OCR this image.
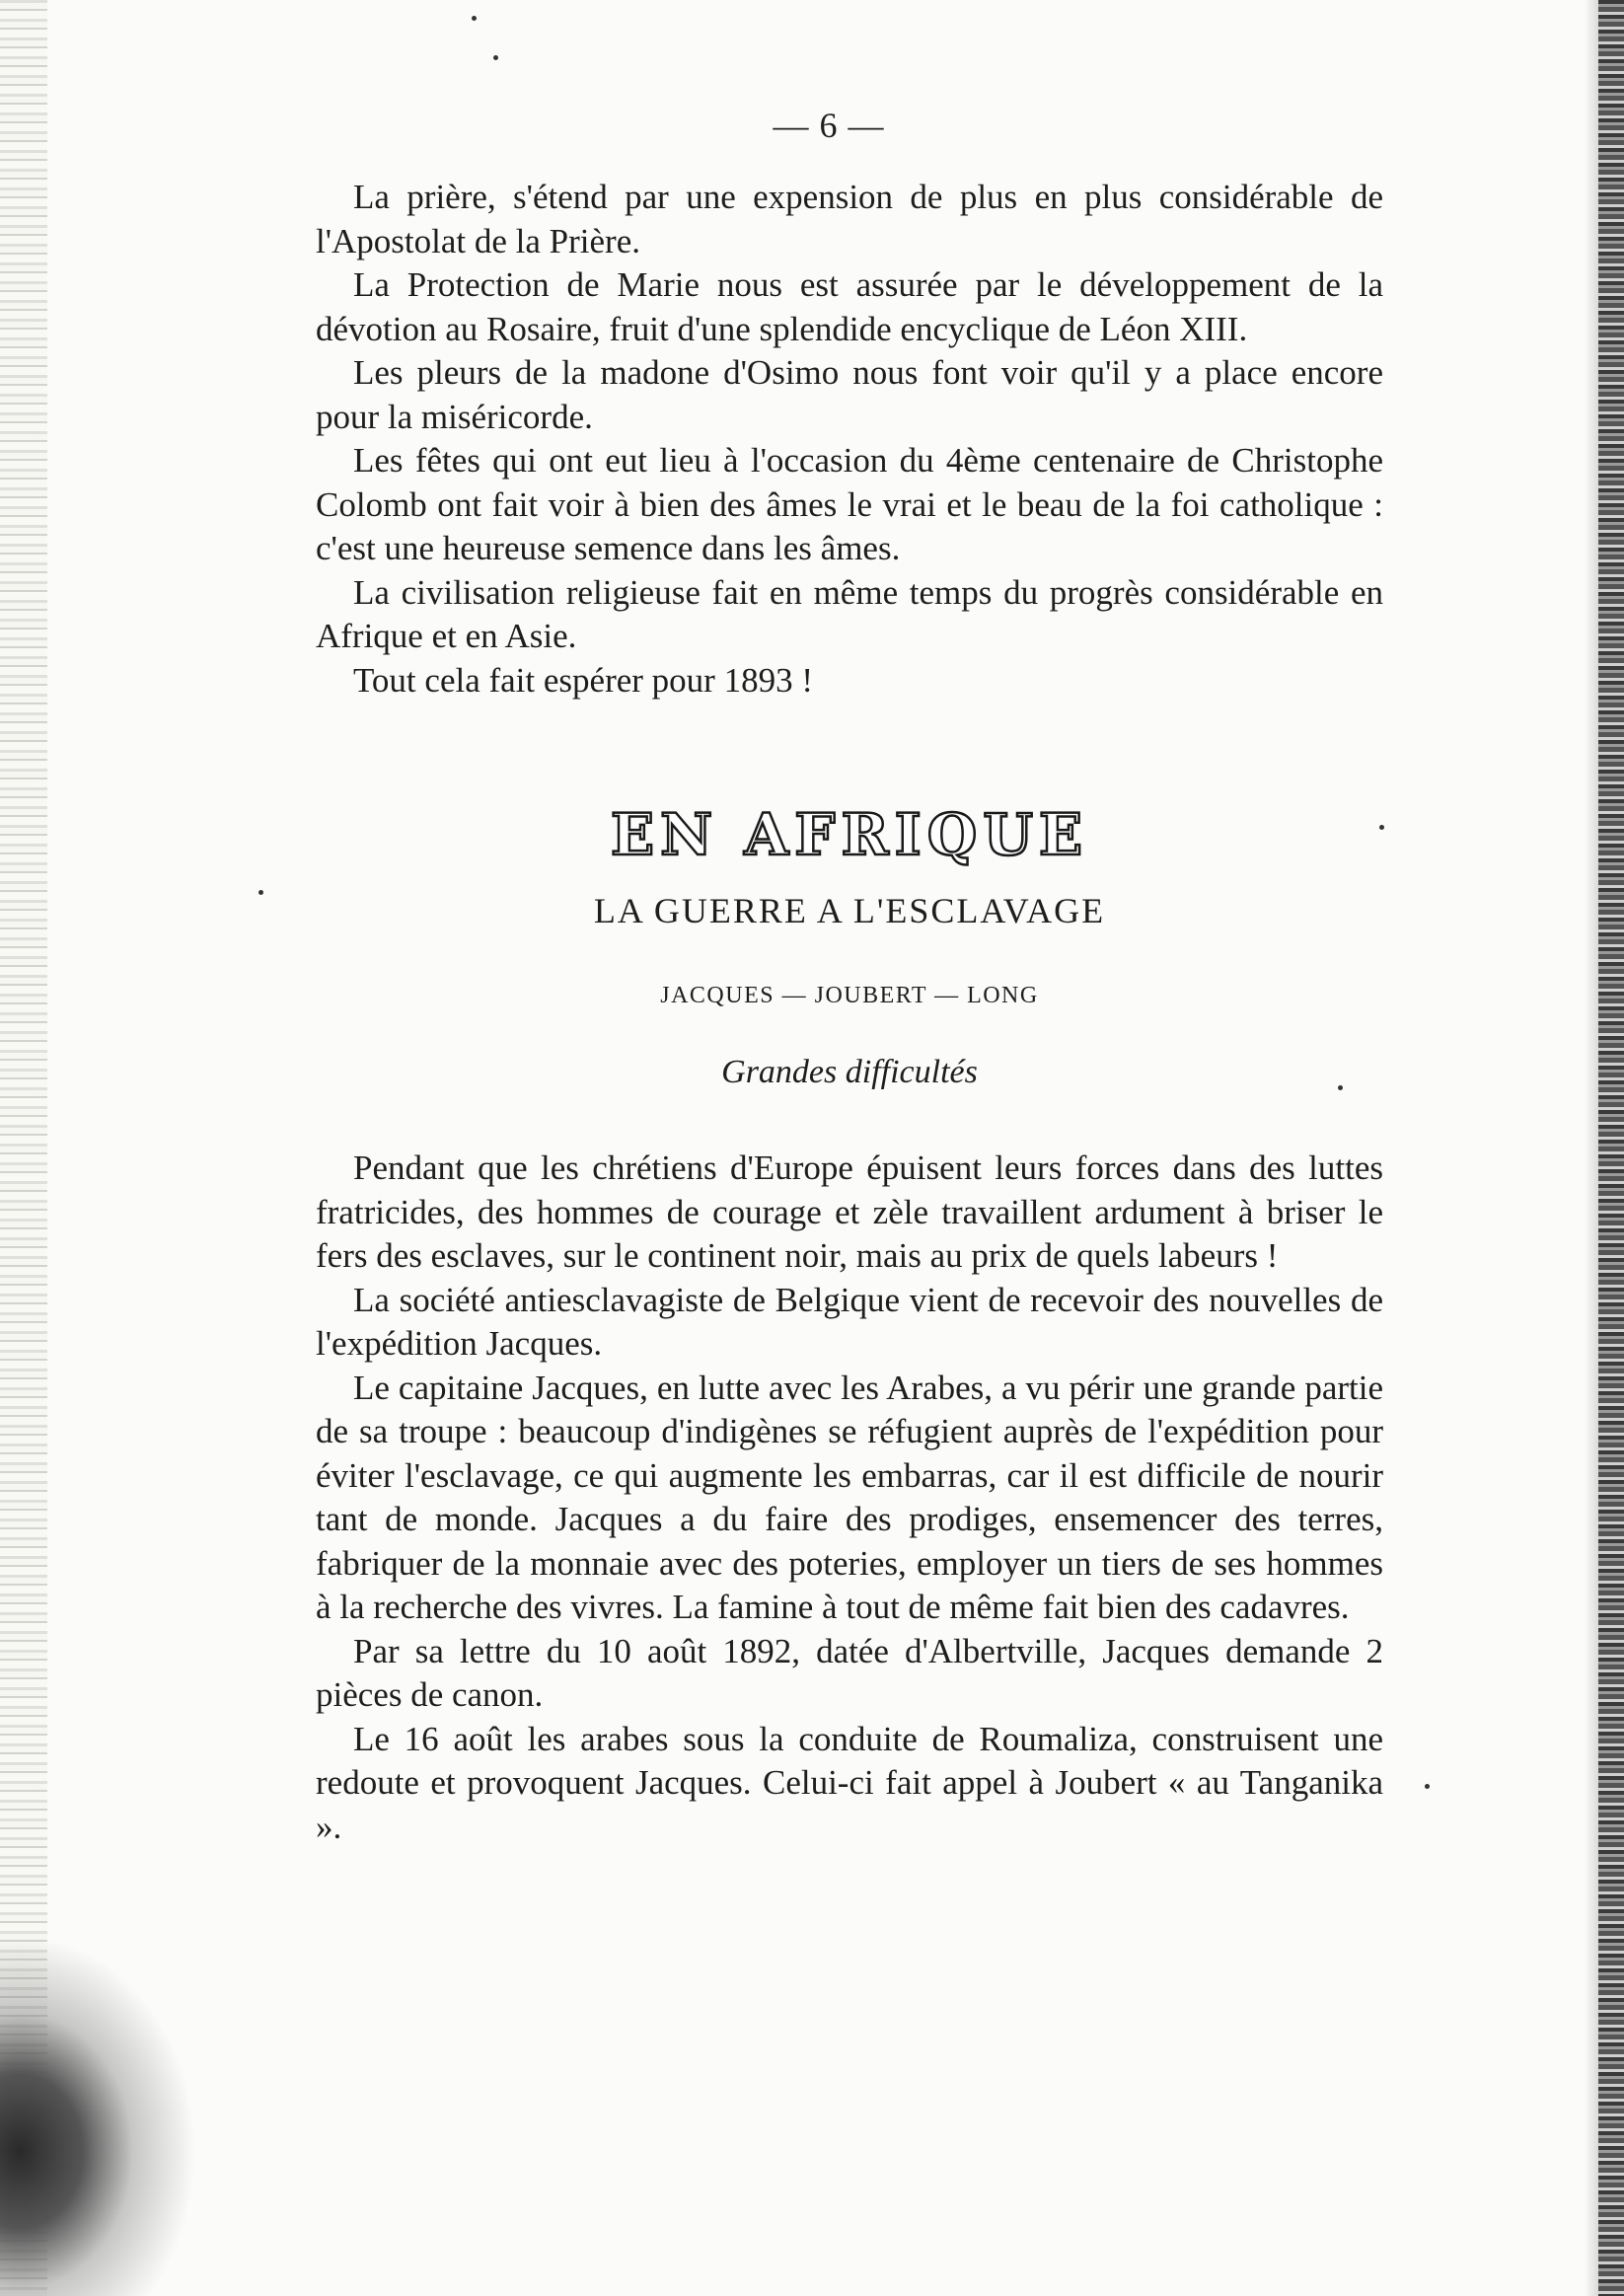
— 6 —

La prière, s'étend par une expension de plus en plus considérable de l'Apostolat de la Prière.

La Protection de Marie nous est assurée par le développement de la dévotion au Rosaire, fruit d'une splendide encyclique de Léon XIII.

Les pleurs de la madone d'Osimo nous font voir qu'il y a place encore pour la miséricorde.

Les fêtes qui ont eut lieu à l'occasion du 4ème centenaire de Christophe Colomb ont fait voir à bien des âmes le vrai et le beau de la foi catholique : c'est une heureuse semence dans les âmes.

La civilisation religieuse fait en même temps du progrès considérable en Afrique et en Asie.

Tout cela fait espérer pour 1893 !

EN AFRIQUE
LA GUERRE A L'ESCLAVAGE
JACQUES — JOUBERT — LONG
Grandes difficultés

Pendant que les chrétiens d'Europe épuisent leurs forces dans des luttes fratricides, des hommes de courage et zèle travaillent ardument à briser le fers des esclaves, sur le continent noir, mais au prix de quels labeurs !

La société antiesclavagiste de Belgique vient de recevoir des nouvelles de l'expédition Jacques.

Le capitaine Jacques, en lutte avec les Arabes, a vu périr une grande partie de sa troupe : beaucoup d'indigènes se réfugient auprès de l'expédition pour éviter l'esclavage, ce qui augmente les embarras, car il est difficile de nourir tant de monde. Jacques a du faire des prodiges, ensemencer des terres, fabriquer de la monnaie avec des poteries, employer un tiers de ses hommes à la recherche des vivres. La famine à tout de même fait bien des cadavres.

Par sa lettre du 10 août 1892, datée d'Albertville, Jacques demande 2 pièces de canon.

Le 16 août les arabes sous la conduite de Roumaliza, construisent une redoute et provoquent Jacques. Celui-ci fait appel à Joubert « au Tanganika ».
